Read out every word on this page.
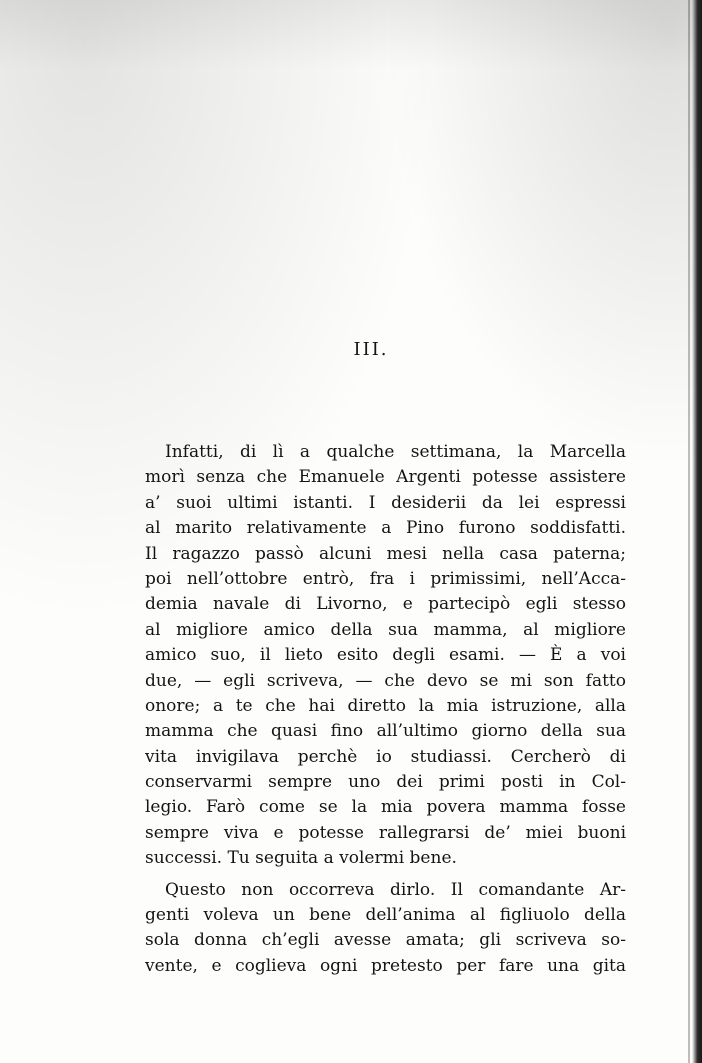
III.
Infatti, di lì a qualche settimana, la Marcella
morì senza che Emanuele Argenti potesse assistere
a’ suoi ultimi istanti. I desiderii da lei espressi
al marito relativamente a Pino furono soddisfatti.
Il ragazzo passò alcuni mesi nella casa paterna;
poi nell’ottobre entrò, fra i primissimi, nell’Acca-
demia navale di Livorno, e partecipò egli stesso
al migliore amico della sua mamma, al migliore
amico suo, il lieto esito degli esami. — È a voi
due, — egli scriveva, — che devo se mi son fatto
onore; a te che hai diretto la mia istruzione, alla
mamma che quasi fino all’ultimo giorno della sua
vita invigilava perchè io studiassi. Cercherò di
conservarmi sempre uno dei primi posti in Col-
legio. Farò come se la mia povera mamma fosse
sempre viva e potesse rallegrarsi de’ miei buoni
successi. Tu seguita a volermi bene.
Questo non occorreva dirlo. Il comandante Ar-
genti voleva un bene dell’anima al figliuolo della
sola donna ch’egli avesse amata; gli scriveva so-
vente, e coglieva ogni pretesto per fare una gita
